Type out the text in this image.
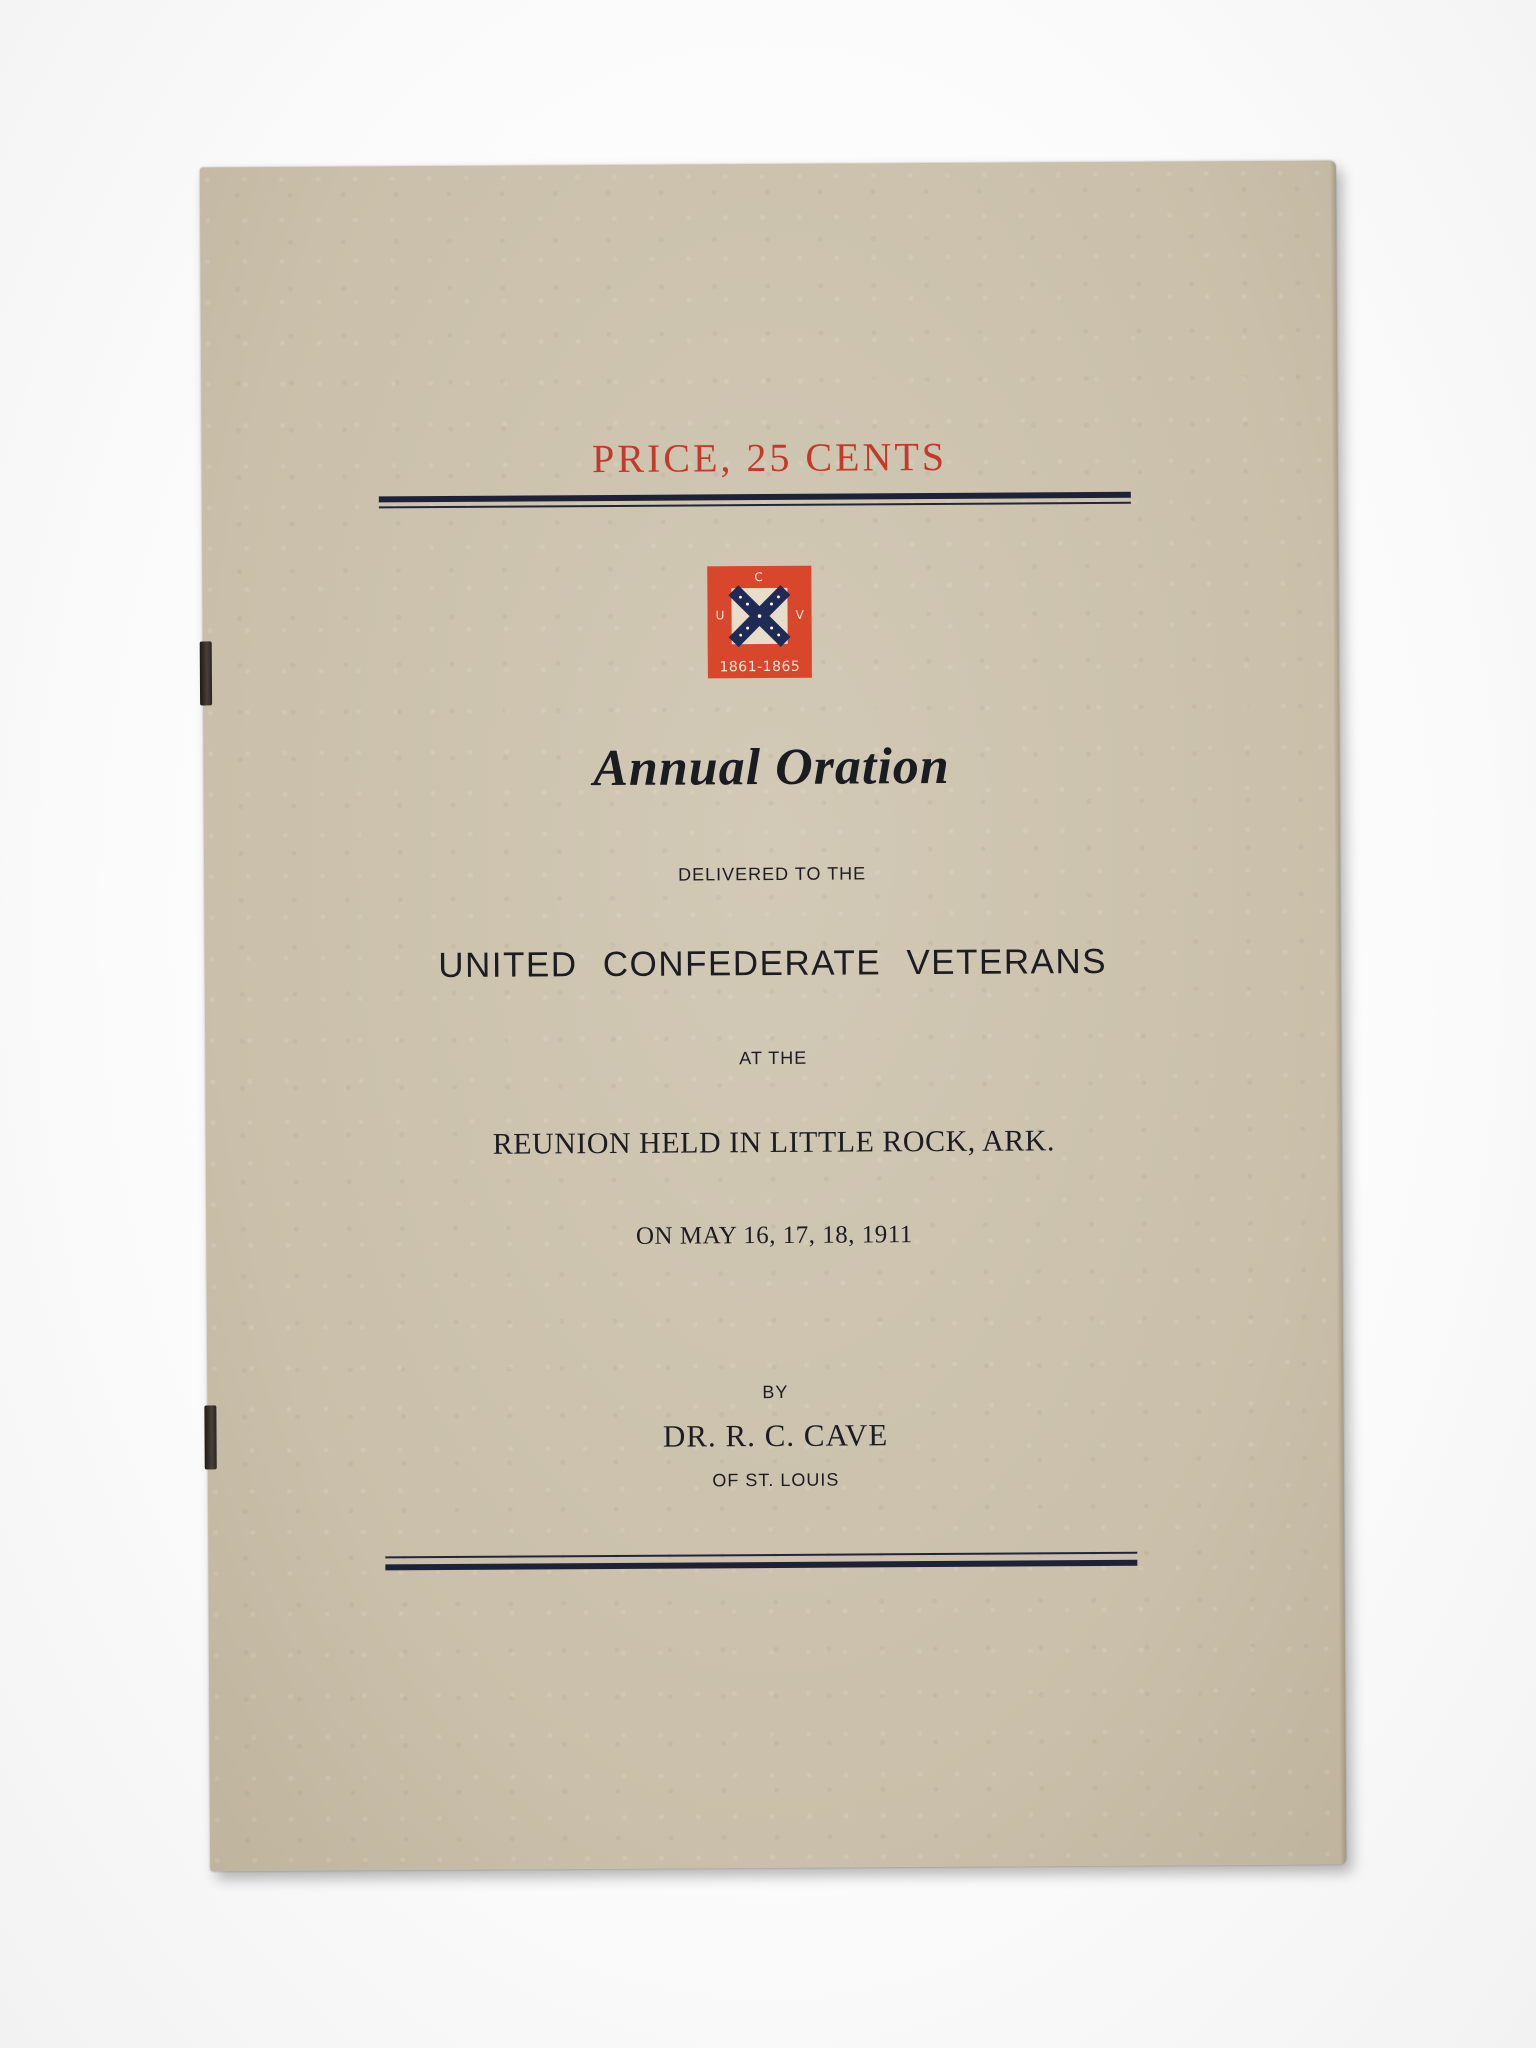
PRICE, 25 CENTS
U
C
V
1861-1865
Annual Oration
DELIVERED TO THE
UNITED CONFEDERATE VETERANS
AT THE
REUNION HELD IN LITTLE ROCK, ARK.
ON MAY 16, 17, 18, 1911
BY
DR. R. C. CAVE
OF ST. LOUIS
